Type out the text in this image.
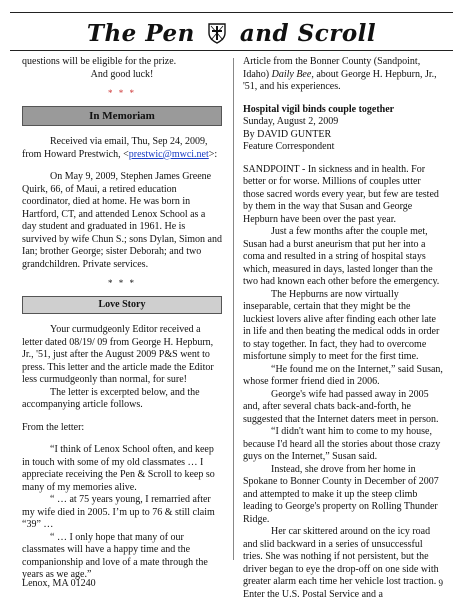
The Pen and Scroll

questions will be eligible for the prize.

And good luck!

* * *
In Memoriam

Received via email, Thu, Sep 24, 2009, from Howard Prestwich, <prestwic@mwci.net>:

On May 9, 2009, Stephen James Greene Quirk, 66, of Maui, a retired education coordinator, died at home. He was born in Hartford, CT, and attended Lenox School as a day student and graduated in 1961. He is survived by wife Chun S.; sons Dylan, Simon and Ian; brother George; sister Deborah; and two grandchildren. Private services.

* * *
Love Story

Your curmudgeonly Editor received a letter dated 08/19/ 09 from George H. Hepburn, Jr., '51, just after the August 2009 P&S went to press. This letter and the article made the Editor less curmudgeonly than normal, for sure!

The letter is excerpted below, and the accompanying article follows.

From the letter:

“I think of Lenox School often, and keep in touch with some of my old classmates … I appreciate receiving the Pen & Scroll to keep so many of my memories alive.

“ … at 75 years young, I remarried after my wife died in 2005. I’m up to 76 & still claim “39” …

“ … I only hope that many of our classmates will have a happy time and the companionship and love of a mate through the years as we age.”

Article from the Bonner County (Sandpoint, Idaho) Daily Bee, about George H. Hepburn, Jr., '51, and his experiences.

Hospital vigil binds couple together

Sunday, August 2, 2009

By DAVID GUNTER

Feature Correspondent

SANDPOINT - In sickness and in health. For better or for worse. Millions of couples utter those sacred words every year, but few are tested by them in the way that Susan and George Hepburn have been over the past year.

Just a few months after the couple met, Susan had a burst aneurism that put her into a coma and resulted in a string of hospital stays which, measured in days, lasted longer than the two had known each other before the emergency.

The Hepburns are now virtually inseparable, certain that they might be the luckiest lovers alive after finding each other late in life and then beating the medical odds in order to stay together. In fact, they had to overcome misfortune simply to meet for the first time.

“He found me on the Internet,” said Susan, whose former friend died in 2006.

George's wife had passed away in 2005 and, after several chats back-and-forth, he suggested that the Internet daters meet in person.

“I didn't want him to come to my house, because I'd heard all the stories about those crazy guys on the Internet,” Susan said.

Instead, she drove from her home in Spokane to Bonner County in December of 2007 and attempted to make it up the steep climb leading to George's property on Rolling Thunder Ridge.

Her car skittered around on the icy road and slid backward in a series of unsuccessful tries. She was nothing if not persistent, but the driver began to eye the drop-off on one side with greater alarm each time her vehicle lost traction. Enter the U.S. Postal Service and a

Lenox, MA 01240	9
